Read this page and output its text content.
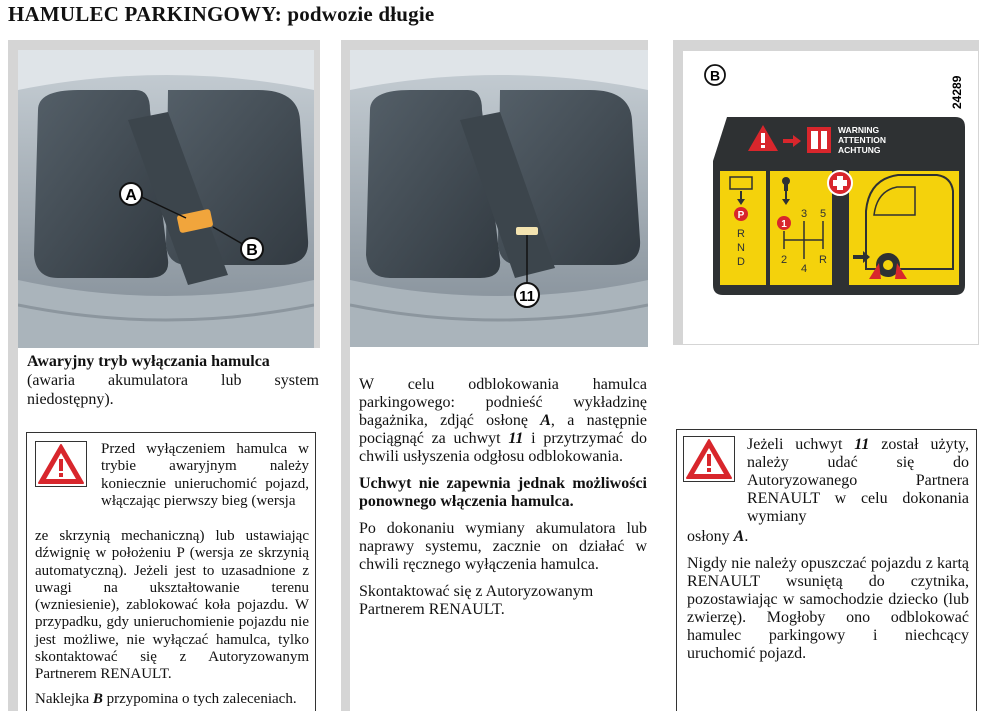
HAMULEC PARKINGOWY: podwozie długie
A
B
Awaryjny tryb wyłączania hamulca
(awaria akumulatora lub system niedostępny).
Przed wyłączeniem hamulca w trybie awaryjnym należy koniecznie unieruchomić pojazd, włączając pierwszy bieg (wersja
ze skrzynią mechaniczną) lub ustawiając dźwignię w położeniu P (wersja ze skrzynią automatyczną). Jeżeli jest to uzasadnione z uwagi na ukształtowanie terenu (wzniesienie), zablokować koła pojazdu. W przypadku, gdy unieruchomienie pojazdu nie jest możliwe, nie wyłączać hamulca, tylko skontaktować się z Autoryzowanym Partnerem RENAULT.
Naklejka B przypomina o tych zaleceniach.
11

W celu odblokowania hamulca parkingowego: podnieść wykładzinę bagażnika, zdjąć osłonę A, a następnie pociągnąć za uchwyt 11 i przytrzymać do chwili usłyszenia odgłosu odblokowania.

Uchwyt nie zapewnia jednak możliwości ponownego włączenia hamulca.

Po dokonaniu wymiany akumulatora lub naprawy systemu, zacznie on działać w chwili ręcznego wyłączenia hamulca.

Skontaktować się z Autoryzowanym Partnerem RENAULT.

B
24289
WARNING
ATTENTION
ACHTUNG
P
R
N
D
1
3 5
2
4
R
Jeżeli uchwyt 11 został użyty, należy udać się do Autoryzowanego Partnera RENAULT w celu dokonania wymiany
osłony A.
Nigdy nie należy opuszczać pojazdu z kartą RENAULT wsuniętą do czytnika, pozostawiając w samochodzie dziecko (lub zwierzę). Mogłoby ono odblokować hamulec parkingowy i niechcący uruchomić pojazd.
